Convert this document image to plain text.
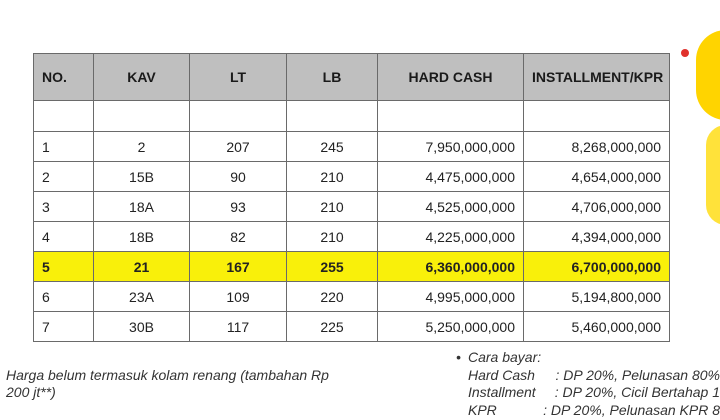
NO.	KAV	LT	LB	HARD CASH	INSTALLMENT/KPR

1	2	207	245	7,950,000,000	8,268,000,000
2	15B	90	210	4,475,000,000	4,654,000,000
3	18A	93	210	4,525,000,000	4,706,000,000
4	18B	82	210	4,225,000,000	4,394,000,000
5	21	167	255	6,360,000,000	6,700,000,000
6	23A	109	220	4,995,000,000	5,194,800,000
7	30B	117	225	5,250,000,000	5,460,000,000
Harga belum termasuk kolam renang (tambahan Rp 200 jt**)
• Cara bayar:
Hard Cash	: DP 20%, Pelunasan 80%
Installment	: DP 20%, Cicil Bertahap 1
KPR	: DP 20%, Pelunasan KPR 8
